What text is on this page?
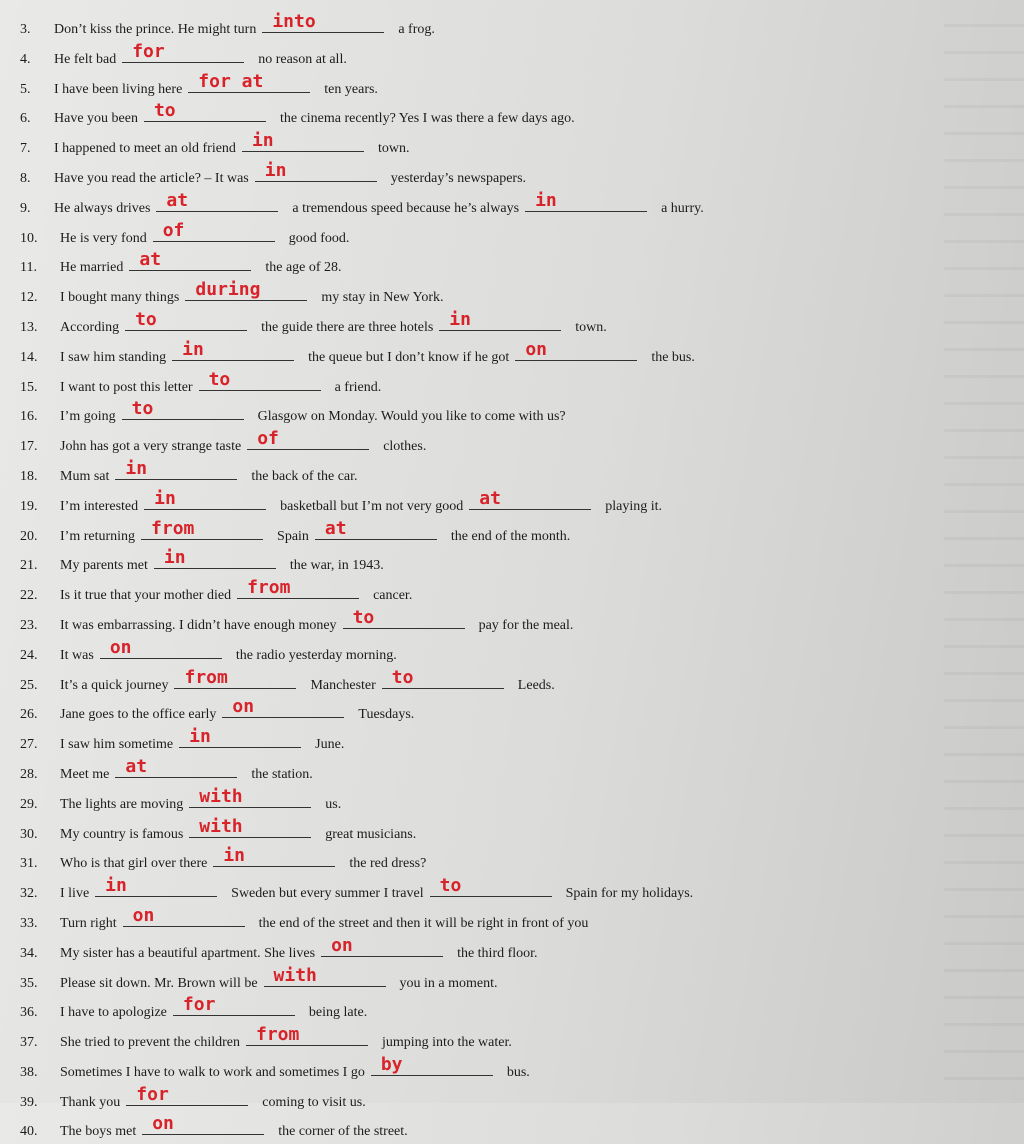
3.	Don’t kiss the prince. He might turn into	a frog.
4.	He felt bad for	no reason at all.
5.	I have been living here for at	ten years.
6.	Have you been to	the cinema recently? Yes I was there a few days ago.
7.	I happened to meet an old friend in	town.
8.	Have you read the article? – It was in	yesterday’s newspapers.
9.	He always drives at	a tremendous speed because he’s always in	a hurry.
10.	He is very fond of	good food.
11.	He married at	the age of 28.
12.	I bought many things during	my stay in New York.
13.	According to	the guide there are three hotels in	town.
14.	I saw him standing in	the queue but I don’t know if he got on	the bus.
15.	I want to post this letter to	a friend.
16.	I’m going to	Glasgow on Monday. Would you like to come with us?
17.	John has got a very strange taste of	clothes.
18.	Mum sat in	the back of the car.
19.	I’m interested in	basketball but I’m not very good at	playing it.
20.	I’m returning from	Spain at	the end of the month.
21.	My parents met in	the war, in 1943.
22.	Is it true that your mother died from	cancer.
23.	It was embarrassing. I didn’t have enough money to	pay for the meal.
24.	It was on	the radio yesterday morning.
25.	It’s a quick journey from	Manchester to	Leeds.
26.	Jane goes to the office early on	Tuesdays.
27.	I saw him sometime in	June.
28.	Meet me at	the station.
29.	The lights are moving with	us.
30.	My country is famous with	great musicians.
31.	Who is that girl over there in	the red dress?
32.	I live in	Sweden but every summer I travel to	Spain for my holidays.
33.	Turn right on	the end of the street and then it will be right in front of you
34.	My sister has a beautiful apartment. She lives on	the third floor.
35.	Please sit down. Mr. Brown will be with	you in a moment.
36.	I have to apologize for	being late.
37.	She tried to prevent the children from	jumping into the water.
38.	Sometimes I have to walk to work and sometimes I go by	bus.
39.	Thank you for	coming to visit us.
40.	The boys met on	the corner of the street.
